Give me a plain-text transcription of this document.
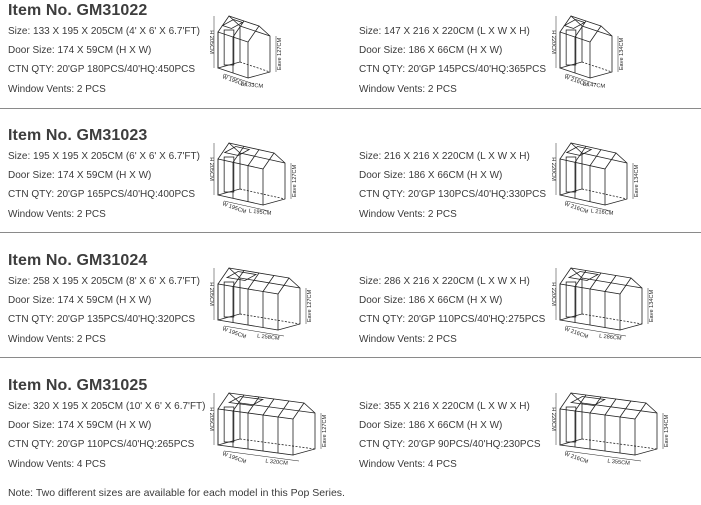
Item No. GM31022
Size: 133 X 195 X 205CM (4' X 6' X 6.7'FT)
Door Size: 174 X 59CM (H X W)
CTN QTY: 20'GP 180PCS/40'HQ:450PCS
Window Vents: 2 PCS
H 205CM	Eave 127CM
W 195CM
L 133CM
Size: 147 X 216 X 220CM (L X W X H)
Door Size: 186 X 66CM (H X W)
CTN QTY: 20'GP 145PCS/40'HQ:365PCS
Window Vents: 2 PCS
H 220CM	Eave 134CM
W 216CM
L 147CM
Item No. GM31023
Size: 195 X 195 X 205CM (6' X 6' X 6.7'FT)
Door Size: 174 X 59CM (H X W)
CTN QTY: 20'GP 165PCS/40'HQ:400PCS
Window Vents: 2 PCS
H 205CM	Eave 127CM
W 195CM L 195CM
Size: 216 X 216 X 220CM (L X W X H)
Door Size: 186 X 66CM (H X W)
CTN QTY: 20'GP 130PCS/40'HQ:330PCS
Window Vents: 2 PCS
H 220CM	Eave 134CM
W 216CM L 216CM
Item No. GM31024
Size: 258 X 195 X 205CM (8' X 6' X 6.7'FT)
Door Size: 174 X 59CM (H X W)
CTN QTY: 20'GP 135PCS/40'HQ:320PCS
Window Vents: 2 PCS
H 205CM	Eave 127CM
W 195CM L 258CM
Size: 286 X 216 X 220CM (L X W X H)
Door Size: 186 X 66CM (H X W)
CTN QTY: 20'GP 110PCS/40'HQ:275PCS
Window Vents: 2 PCS
H 220CM	Eave 134CM
W 216CM L 286CM
Item No. GM31025
Size: 320 X 195 X 205CM (10' X 6' X 6.7'FT)
Door Size: 174 X 59CM (H X W)
CTN QTY: 20'GP 110PCS/40'HQ:265PCS
Window Vents: 4 PCS
H 205CM	Eave 127CM
W 195CM	L 320CM
Size: 355 X 216 X 220CM (L X W X H)
Door Size: 186 X 66CM (H X W)
CTN QTY: 20'GP 90PCS/40'HQ:230PCS
Window Vents: 4 PCS
H 220CM	Eave 134CM
W 216CM	L 355CM
Note: Two different sizes are available for each model in this Pop Series.
